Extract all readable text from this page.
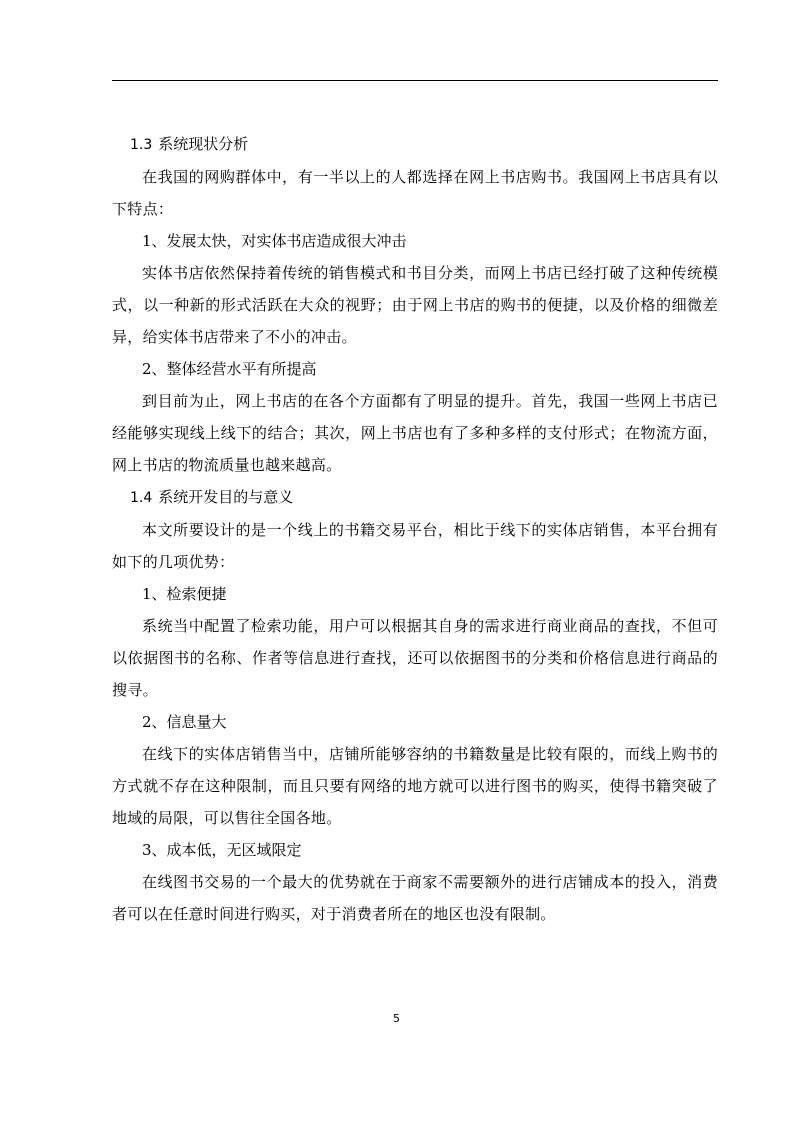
1.3 系统现状分析

在我国的网购群体中，有一半以上的人都选择在网上书店购书。我国网上书店具有以下特点：

1、发展太快，对实体书店造成很大冲击

实体书店依然保持着传统的销售模式和书目分类，而网上书店已经打破了这种传统模式，以一种新的形式活跃在大众的视野；由于网上书店的购书的便捷，以及价格的细微差异，给实体书店带来了不小的冲击。

2、整体经营水平有所提高

到目前为止，网上书店的在各个方面都有了明显的提升。首先，我国一些网上书店已经能够实现线上线下的结合；其次，网上书店也有了多种多样的支付形式；在物流方面，网上书店的物流质量也越来越高。

1.4 系统开发目的与意义

本文所要设计的是一个线上的书籍交易平台，相比于线下的实体店销售，本平台拥有如下的几项优势：

1、检索便捷

系统当中配置了检索功能，用户可以根据其自身的需求进行商业商品的查找，不但可以依据图书的名称、作者等信息进行查找，还可以依据图书的分类和价格信息进行商品的搜寻。

2、信息量大

在线下的实体店销售当中，店铺所能够容纳的书籍数量是比较有限的，而线上购书的方式就不存在这种限制，而且只要有网络的地方就可以进行图书的购买，使得书籍突破了地域的局限，可以售往全国各地。

3、成本低，无区域限定

在线图书交易的一个最大的优势就在于商家不需要额外的进行店铺成本的投入，消费者可以在任意时间进行购买，对于消费者所在的地区也没有限制。

5
